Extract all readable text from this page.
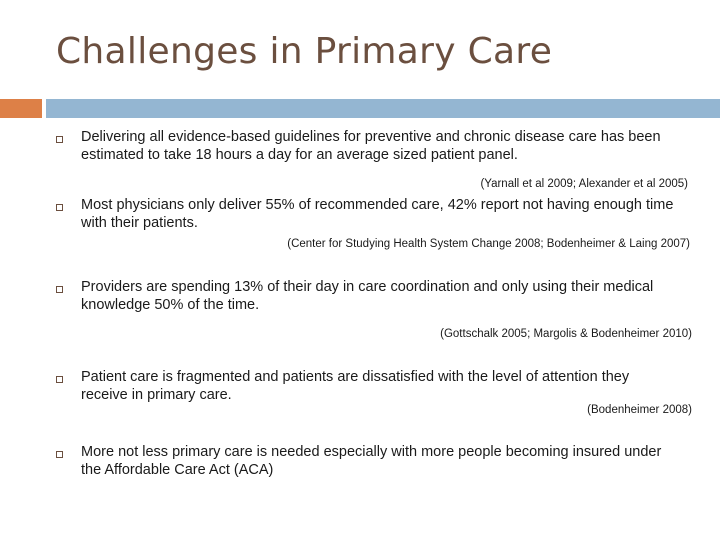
Challenges in Primary Care

Delivering all evidence-based guidelines for preventive and chronic disease care has been estimated to take 18 hours a day for an average sized patient panel.

(Yarnall et al 2009; Alexander et al 2005)

Most physicians only deliver 55% of recommended care, 42% report not having enough time with their patients.

(Center for Studying Health System Change 2008; Bodenheimer & Laing 2007)

Providers are spending 13% of their day in care coordination and only using their medical knowledge 50% of the time.

(Gottschalk 2005; Margolis & Bodenheimer 2010)

Patient care is fragmented and patients are dissatisfied with the level of attention they receive in primary care.

(Bodenheimer 2008)

More not less primary care is needed especially with more people becoming insured under the Affordable Care Act (ACA)
